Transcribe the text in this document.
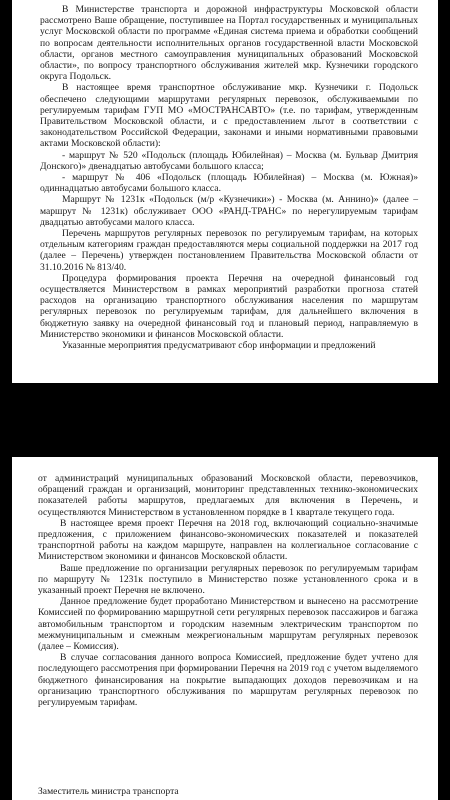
В Министерстве транспорта и дорожной инфраструктуры Московской области рассмотрено Ваше обращение, поступившее на Портал государственных и муниципальных услуг Московской области по программе «Единая система приема и обработки сообщений по вопросам деятельности исполнительных органов государственной власти Московской области, органов местного самоуправления муниципальных образований Московской области», по вопросу транспортного обслуживания жителей мкр. Кузнечики городского округа Подольск.

В настоящее время транспортное обслуживание мкр. Кузнечики г. Подольск обеспечено следующими маршрутами регулярных перевозок, обслуживаемыми по регулируемым тарифам ГУП МО «МОСТРАНСАВТО» (т.е. по тарифам, утвержденным Правительством Московской области, и с предоставлением льгот в соответствии с законодательством Российской Федерации, законами и иными нормативными правовыми актами Московской области):

- маршрут № 520 «Подольск (площадь Юбилейная) – Москва (м. Бульвар Дмитрия Донского)» двенадцатью автобусами большого класса;

- маршрут № 406 «Подольск (площадь Юбилейная) – Москва (м. Южная)» одиннадцатью автобусами большого класса.

Маршрут № 1231к «Подольск (м/р «Кузнечики») - Москва (м. Аннино)» (далее – маршрут № 1231к) обслуживает ООО «РАНД-ТРАНС» по нерегулируемым тарифам двадцатью автобусами малого класса.

Перечень маршрутов регулярных перевозок по регулируемым тарифам, на которых отдельным категориям граждан предоставляются меры социальной поддержки на 2017 год (далее – Перечень) утвержден постановлением Правительства Московской области от 31.10.2016 № 813/40.

Процедура формирования проекта Перечня на очередной финансовый год осуществляется Министерством в рамках мероприятий разработки прогноза статей расходов на организацию транспортного обслуживания населения по маршрутам регулярных перевозок по регулируемым тарифам, для дальнейшего включения в бюджетную заявку на очередной финансовый год и плановый период, направляемую в Министерство экономики и финансов Московской области.

Указанные мероприятия предусматривают сбор информации и предложений

от администраций муниципальных образований Московской области, перевозчиков, обращений граждан и организаций, мониторинг представленных технико-экономических показателей работы маршрутов, предлагаемых для включения в Перечень, и осуществляются Министерством в установленном порядке в 1 квартале текущего года.

В настоящее время проект Перечня на 2018 год, включающий социально-значимые предложения, с приложением финансово-экономических показателей и показателей транспортной работы на каждом маршруте, направлен на коллегиальное согласование с Министерством экономики и финансов Московской области.

Ваше предложение по организации регулярных перевозок по регулируемым тарифам по маршруту № 1231к поступило в Министерство позже установленного срока и в указанный проект Перечня не включено.

Данное предложение будет проработано Министерством и вынесено на рассмотрение Комиссией по формированию маршрутной сети регулярных перевозок пассажиров и багажа автомобильным транспортом и городским наземным электрическим транспортом по межмуниципальным и смежным межрегиональным маршрутам регулярных перевозок (далее – Комиссия).

В случае согласования данного вопроса Комиссией, предложение будет учтено для последующего рассмотрения при формировании Перечня на 2019 год с учетом выделяемого бюджетного финансирования на покрытие выпадающих доходов перевозчикам и на организацию транспортного обслуживания по маршрутам регулярных перевозок по регулируемым тарифам.

Заместитель министра транспорта
